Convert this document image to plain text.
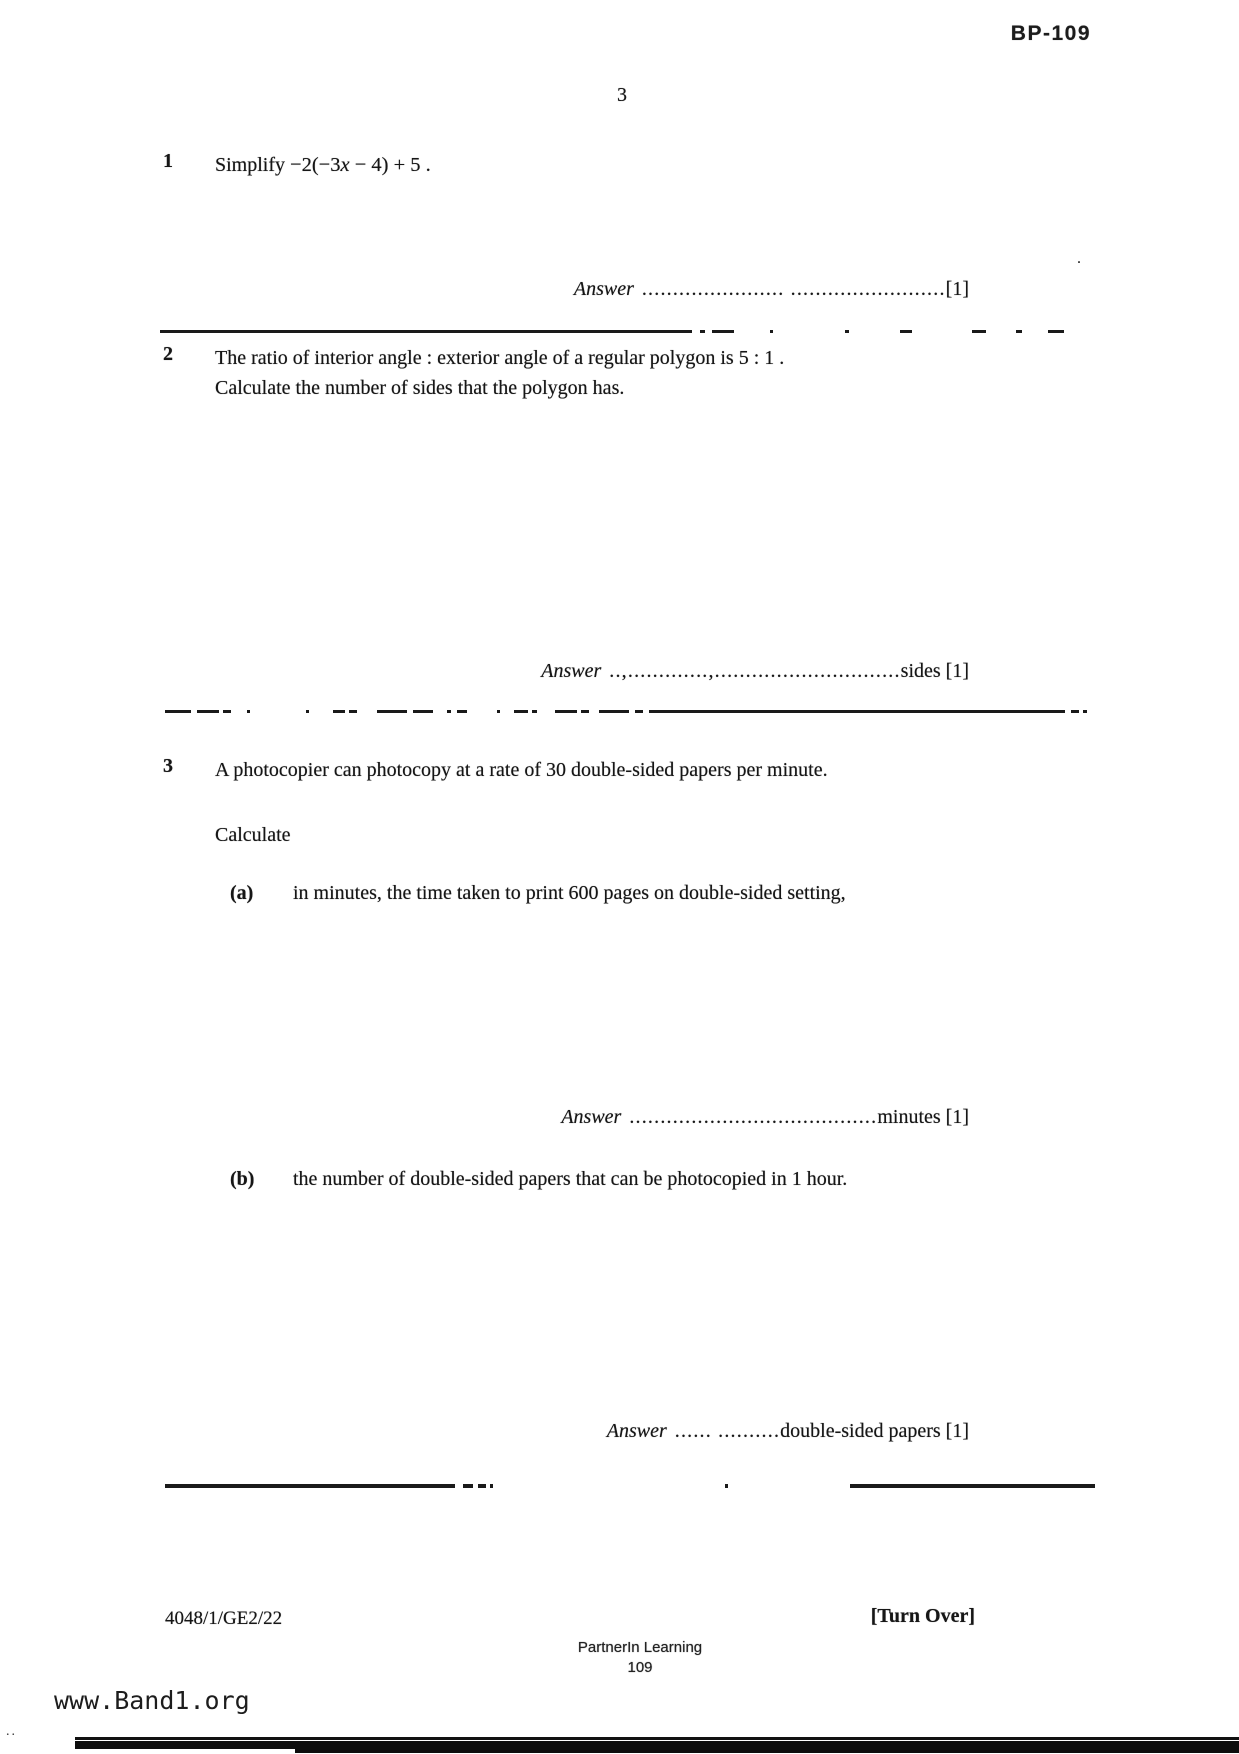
BP-109
3
1 Simplify −2(−3x − 4) + 5 .
Answer ....................... .........................[1]
.
2 The ratio of interior angle : exterior angle of a regular polygon is 5 : 1 .
Calculate the number of sides that the polygon has.
Answer ..,.............,..............................sides [1]
3 A photocopier can photocopy at a rate of 30 double-sided papers per minute.
Calculate
(a) in minutes, the time taken to print 600 pages on double-sided setting,
Answer ........................................minutes [1]
(b) the number of double-sided papers that can be photocopied in 1 hour.
Answer ...... ..........double-sided papers [1]
4048/1/GE2/22	[Turn Over]
PartnerIn Learning
109
www.Band1.org
..
